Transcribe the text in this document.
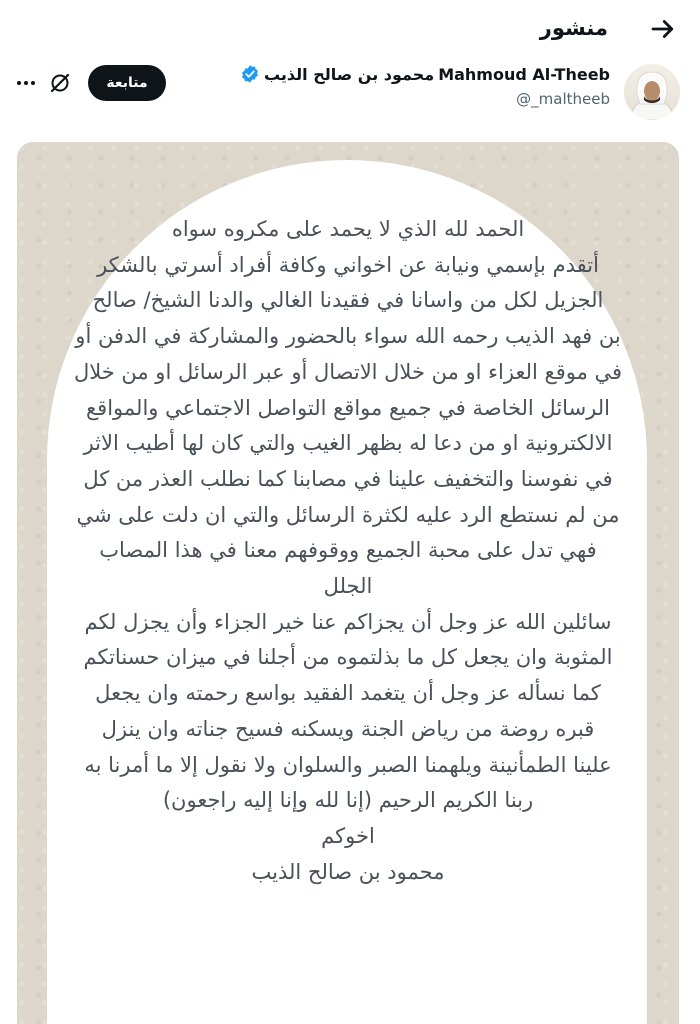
منشور
Mahmoud Al-Theeb
محمود بن صالح الذيب
@_maltheeb
متابعة

الحمد لله الذي لا يحمد على مكروه سواه

أتقدم بإسمي ونيابة عن اخواني وكافة أفراد أسرتي بالشكر

الجزيل لكل من واسانا في فقيدنا الغالي والدنا الشيخ/ صالح

بن فهد الذيب رحمه الله سواء بالحضور والمشاركة في الدفن أو

في موقع العزاء او من خلال الاتصال أو عبر الرسائل او من خلال

الرسائل الخاصة في جميع مواقع التواصل الاجتماعي والمواقع

الالكترونية او من دعا له بظهر الغيب والتي كان لها أطيب الاثر

في نفوسنا والتخفيف علينا في مصابنا كما نطلب العذر من كل

من لم نستطع الرد عليه لكثرة الرسائل والتي ان دلت على شي

فهي تدل على محبة الجميع ووقوفهم معنا في هذا المصاب

الجلل

سائلين الله عز وجل أن يجزاكم عنا خير الجزاء وأن يجزل لكم

المثوبة وان يجعل كل ما بذلتموه من أجلنا في ميزان حسناتكم

كما نسأله عز وجل أن يتغمد الفقيد بواسع رحمته وان يجعل

قبره روضة من رياض الجنة ويسكنه فسيح جناته وان ينزل

علينا الطمأنينة ويلهمنا الصبر والسلوان ولا نقول إلا ما أمرنا به

ربنا الكريم الرحيم (إنا لله وإنا إليه راجعون)

اخوكم

محمود بن صالح الذيب
